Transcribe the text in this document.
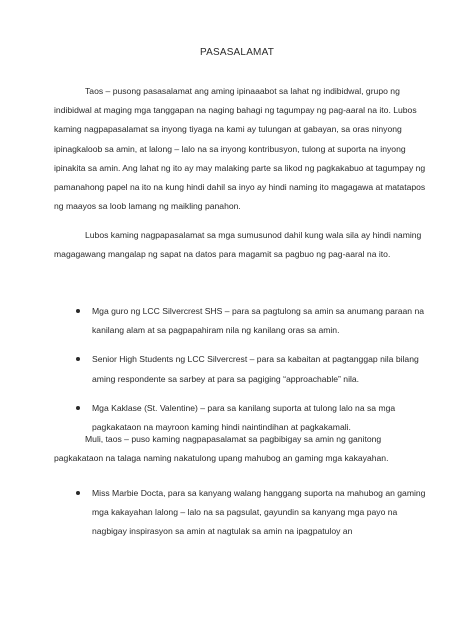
PASASALAMAT

Taos – pusong pasasalamat ang aming ipinaaabot sa lahat ng indibidwal, grupo ng indibidwal at maging mga tanggapan na naging bahagi ng tagumpay ng pag-aaral na ito. Lubos kaming nagpapasalamat sa inyong tiyaga na kami ay tulungan at gabayan, sa oras ninyong ipinagkaloob sa amin, at lalong – lalo na sa inyong kontribusyon, tulong at suporta na inyong ipinakita sa amin. Ang lahat ng ito ay may malaking parte sa likod ng pagkakabuo at tagumpay ng pamanahong papel na ito na kung hindi dahil sa inyo ay hindi naming ito magagawa at matatapos ng maayos sa loob lamang ng maikling panahon.

Lubos kaming nagpapasalamat sa mga sumusunod dahil kung wala sila ay hindi naming magagawang mangalap ng sapat na datos para magamit sa pagbuo ng pag-aaral na ito.

Mga guro ng LCC Silvercrest SHS – para sa pagtulong sa amin sa anumang paraan na kanilang alam at sa pagpapahiram nila ng kanilang oras sa amin.
Senior High Students ng LCC Silvercrest – para sa kabaitan at pagtanggap nila bilang aming respondente sa sarbey at para sa pagiging “approachable” nila.
Mga Kaklase (St. Valentine) – para sa kanilang suporta at tulong lalo na sa mga pagkakataon na mayroon kaming hindi naintindihan at pagkakamali.

Muli, taos – puso kaming nagpapasalamat sa pagbibigay sa amin ng ganitong pagkakataon na talaga naming nakatulong upang mahubog an gaming mga kakayahan.

Miss Marbie Docta, para sa kanyang walang hanggang suporta na mahubog an gaming mga kakayahan lalong – lalo na sa pagsulat, gayundin sa kanyang mga payo na nagbigay inspirasyon sa amin at nagtulak sa amin na ipagpatuloy an
